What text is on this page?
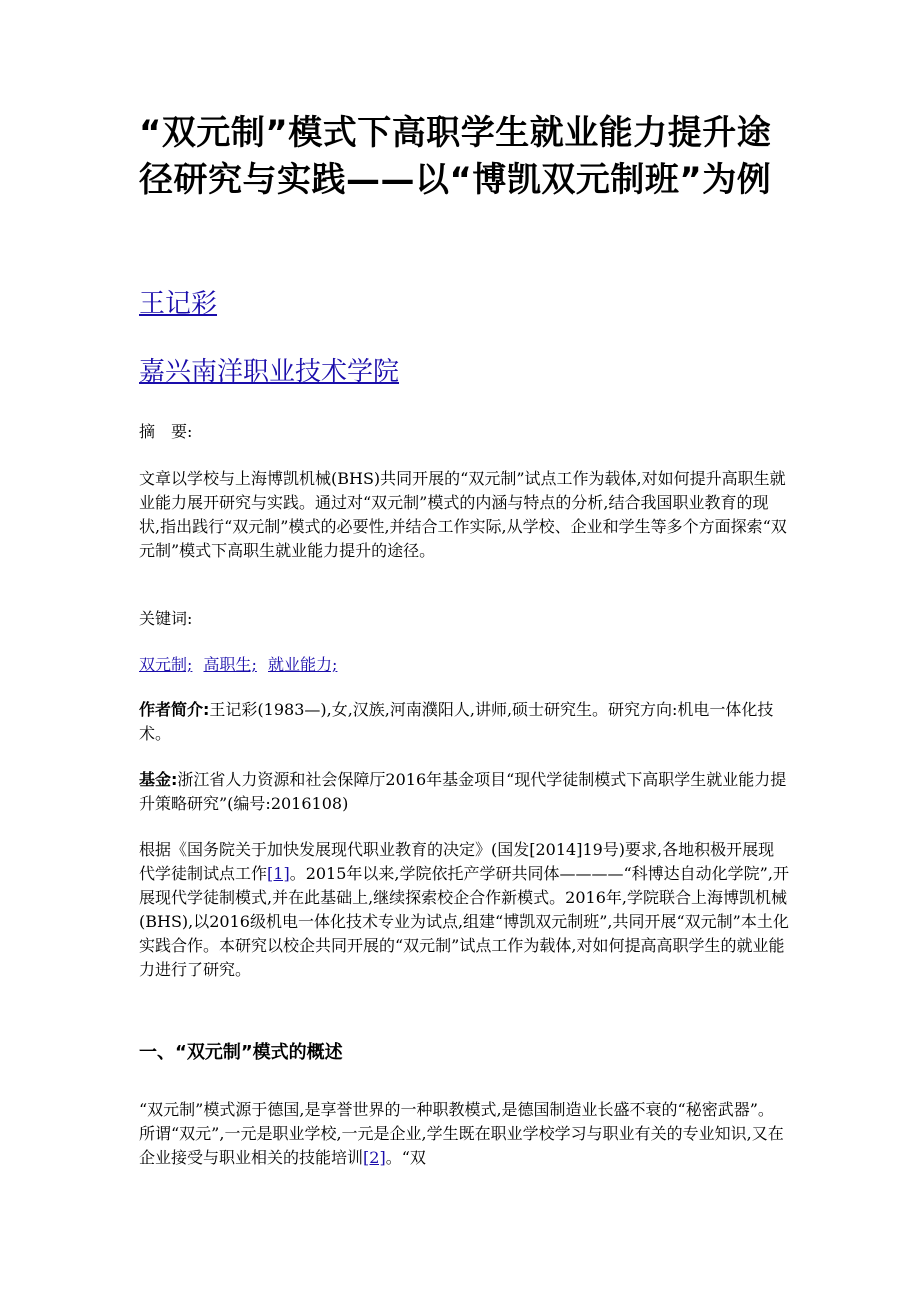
“双元制”模式下高职学生就业能力提升途径研究与实践——以“博凯双元制班”为例
王记彩
嘉兴南洋职业技术学院

摘　要:

文章以学校与上海博凯机械(BHS)共同开展的“双元制”试点工作为载体,对如何提升高职生就业能力展开研究与实践。通过对“双元制”模式的内涵与特点的分析,结合我国职业教育的现状,指出践行“双元制”模式的必要性,并结合工作实际,从学校、企业和学生等多个方面探索“双元制”模式下高职生就业能力提升的途径。

关键词:

双元制; 高职生; 就业能力;

作者简介:王记彩(1983—),女,汉族,河南濮阳人,讲师,硕士研究生。研究方向:机电一体化技术。

基金:浙江省人力资源和社会保障厅2016年基金项目“现代学徒制模式下高职学生就业能力提升策略研究”(编号:2016108)

根据《国务院关于加快发展现代职业教育的决定》(国发[2014]19号)要求,各地积极开展现代学徒制试点工作[1]。2015年以来,学院依托产学研共同体————“科博达自动化学院”,开展现代学徒制模式,并在此基础上,继续探索校企合作新模式。2016年,学院联合上海博凯机械(BHS),以2016级机电一体化技术专业为试点,组建“博凯双元制班”,共同开展“双元制”本土化实践合作。本研究以校企共同开展的“双元制”试点工作为载体,对如何提高高职学生的就业能力进行了研究。

一、“双元制”模式的概述

“双元制”模式源于德国,是享誉世界的一种职教模式,是德国制造业长盛不衰的“秘密武器”。所谓“双元”,一元是职业学校,一元是企业,学生既在职业学校学习与职业有关的专业知识,又在企业接受与职业相关的技能培训[2]。“双
